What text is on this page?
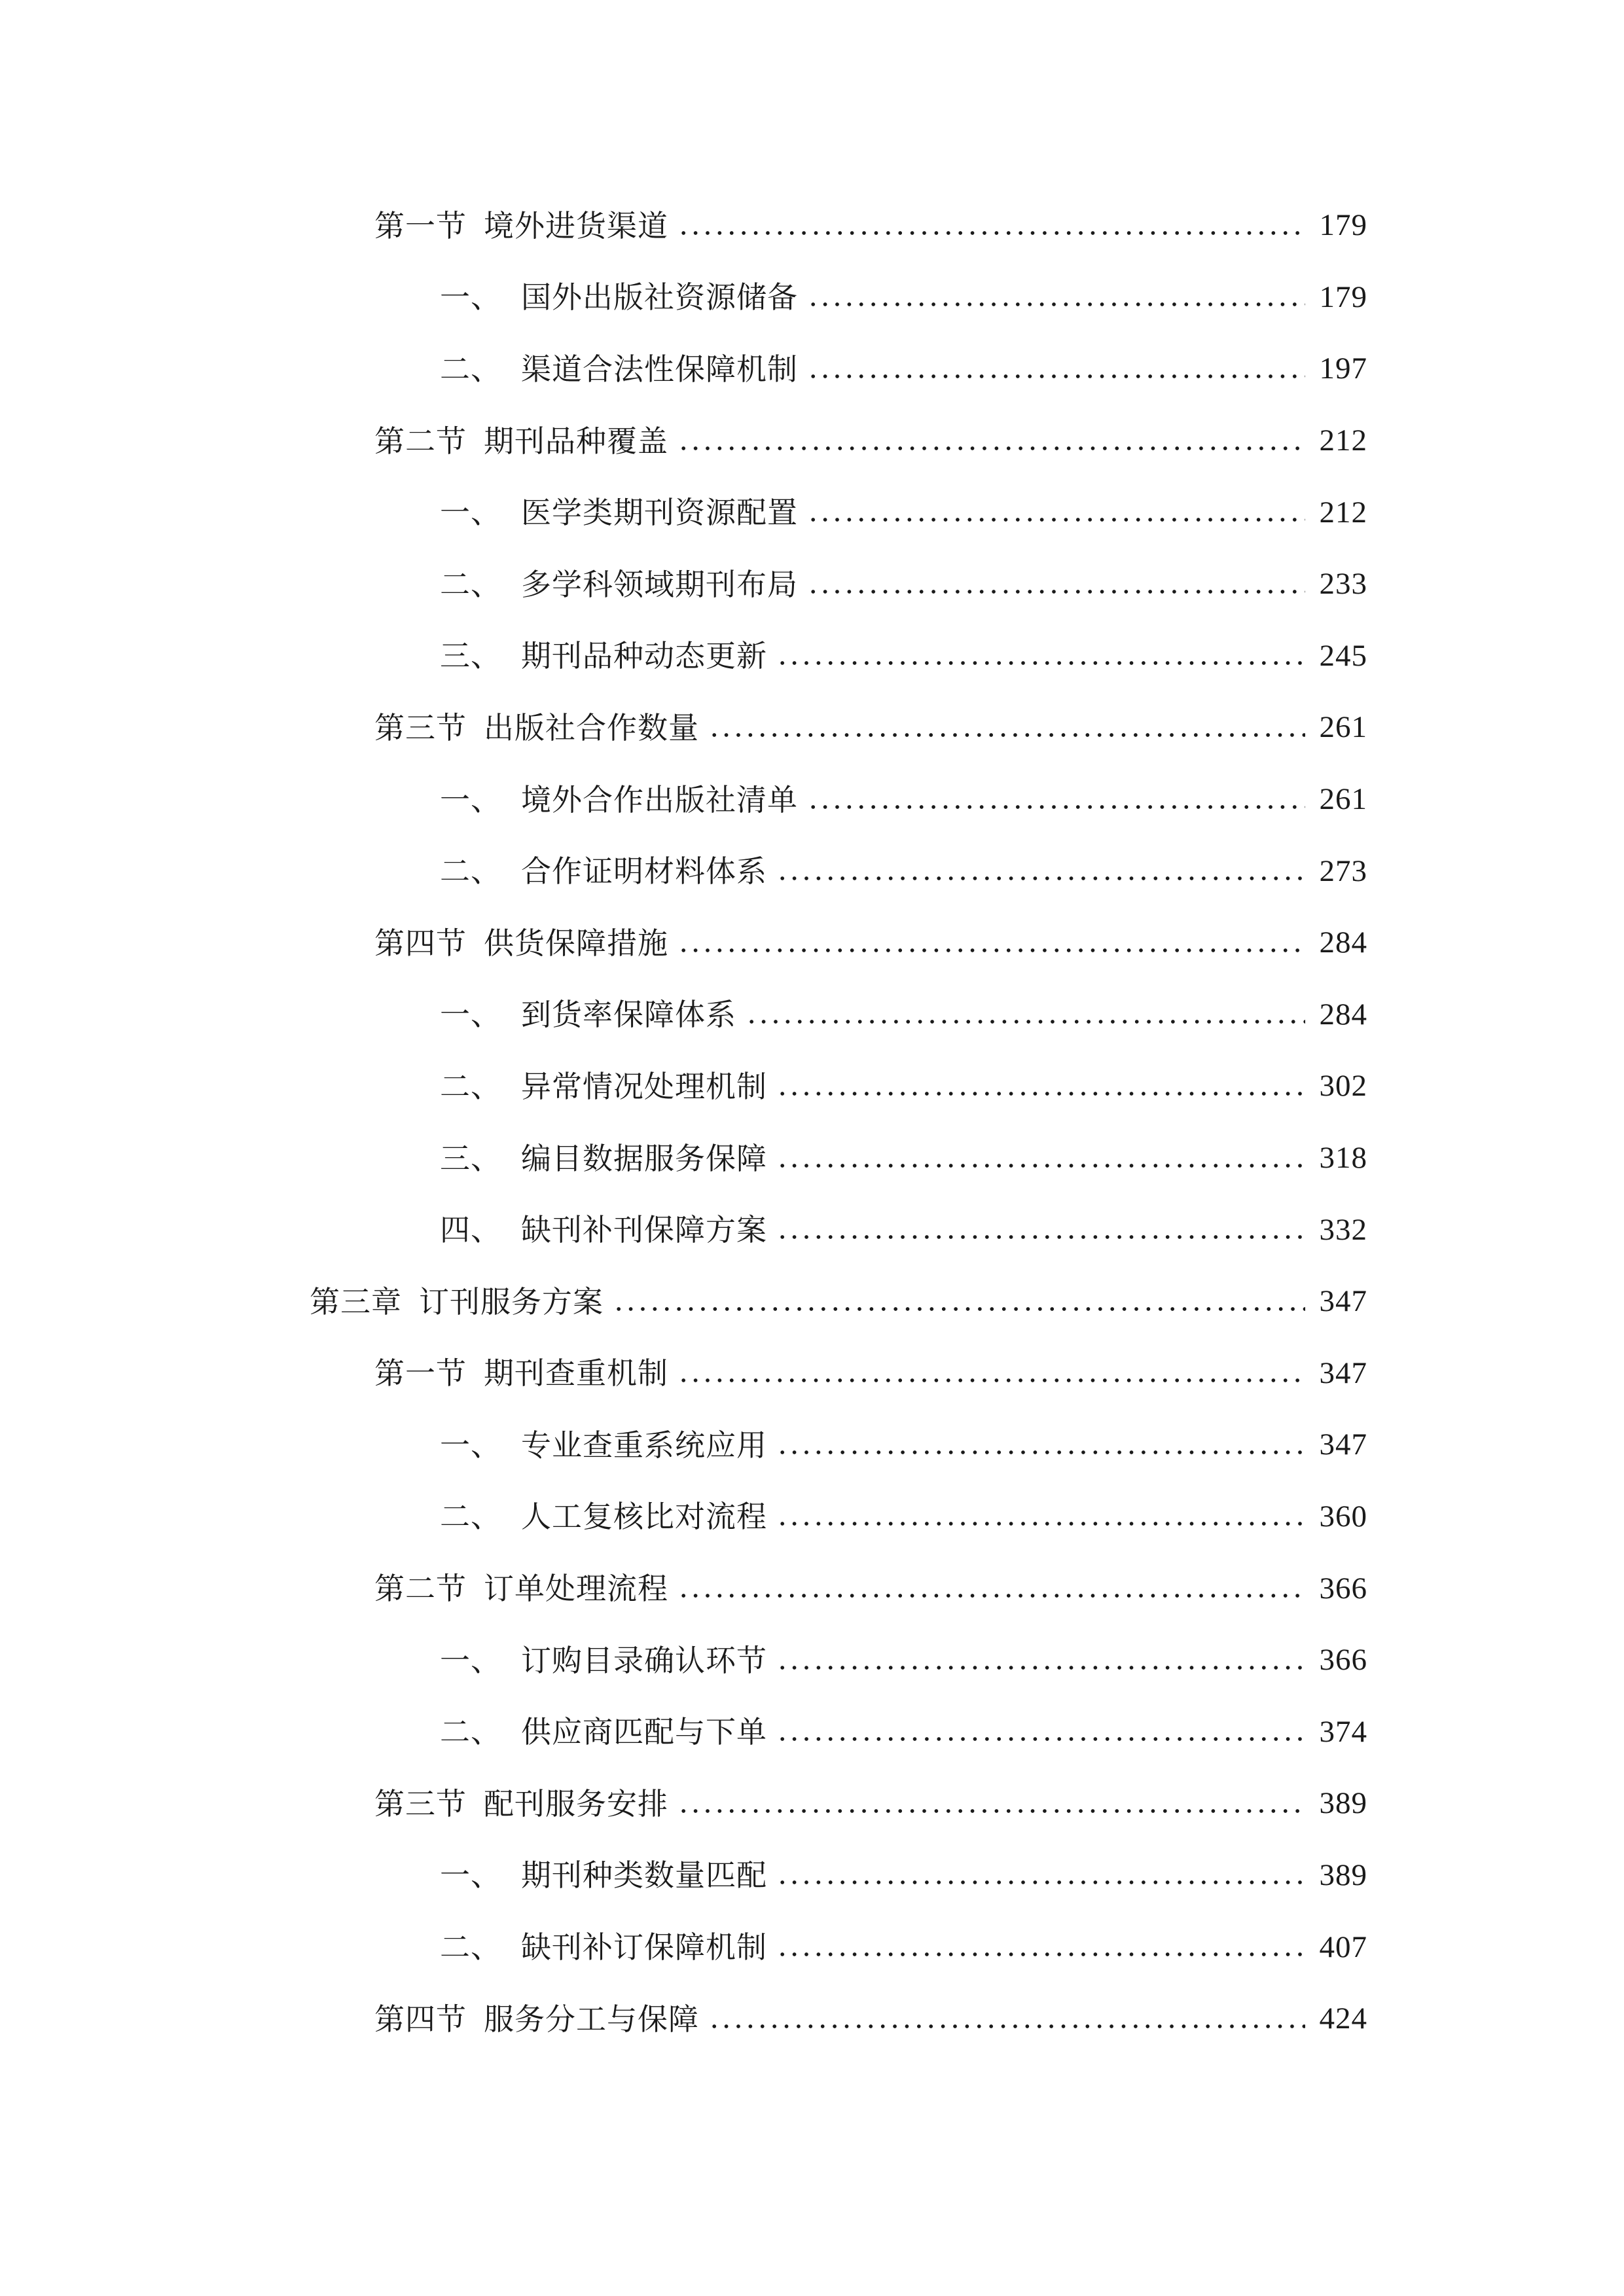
第一节 境外进货渠道	179
一、 国外出版社资源储备	179
二、 渠道合法性保障机制	197
第二节 期刊品种覆盖	212
一、 医学类期刊资源配置	212
二、 多学科领域期刊布局	233
三、 期刊品种动态更新	245
第三节 出版社合作数量	261
一、 境外合作出版社清单	261
二、 合作证明材料体系	273
第四节 供货保障措施	284
一、 到货率保障体系	284
二、 异常情况处理机制	302
三、 编目数据服务保障	318
四、 缺刊补刊保障方案	332
第三章 订刊服务方案	347
第一节 期刊查重机制	347
一、 专业查重系统应用	347
二、 人工复核比对流程	360
第二节 订单处理流程	366
一、 订购目录确认环节	366
二、 供应商匹配与下单	374
第三节 配刊服务安排	389
一、 期刊种类数量匹配	389
二、 缺刊补订保障机制	407
第四节 服务分工与保障	424
